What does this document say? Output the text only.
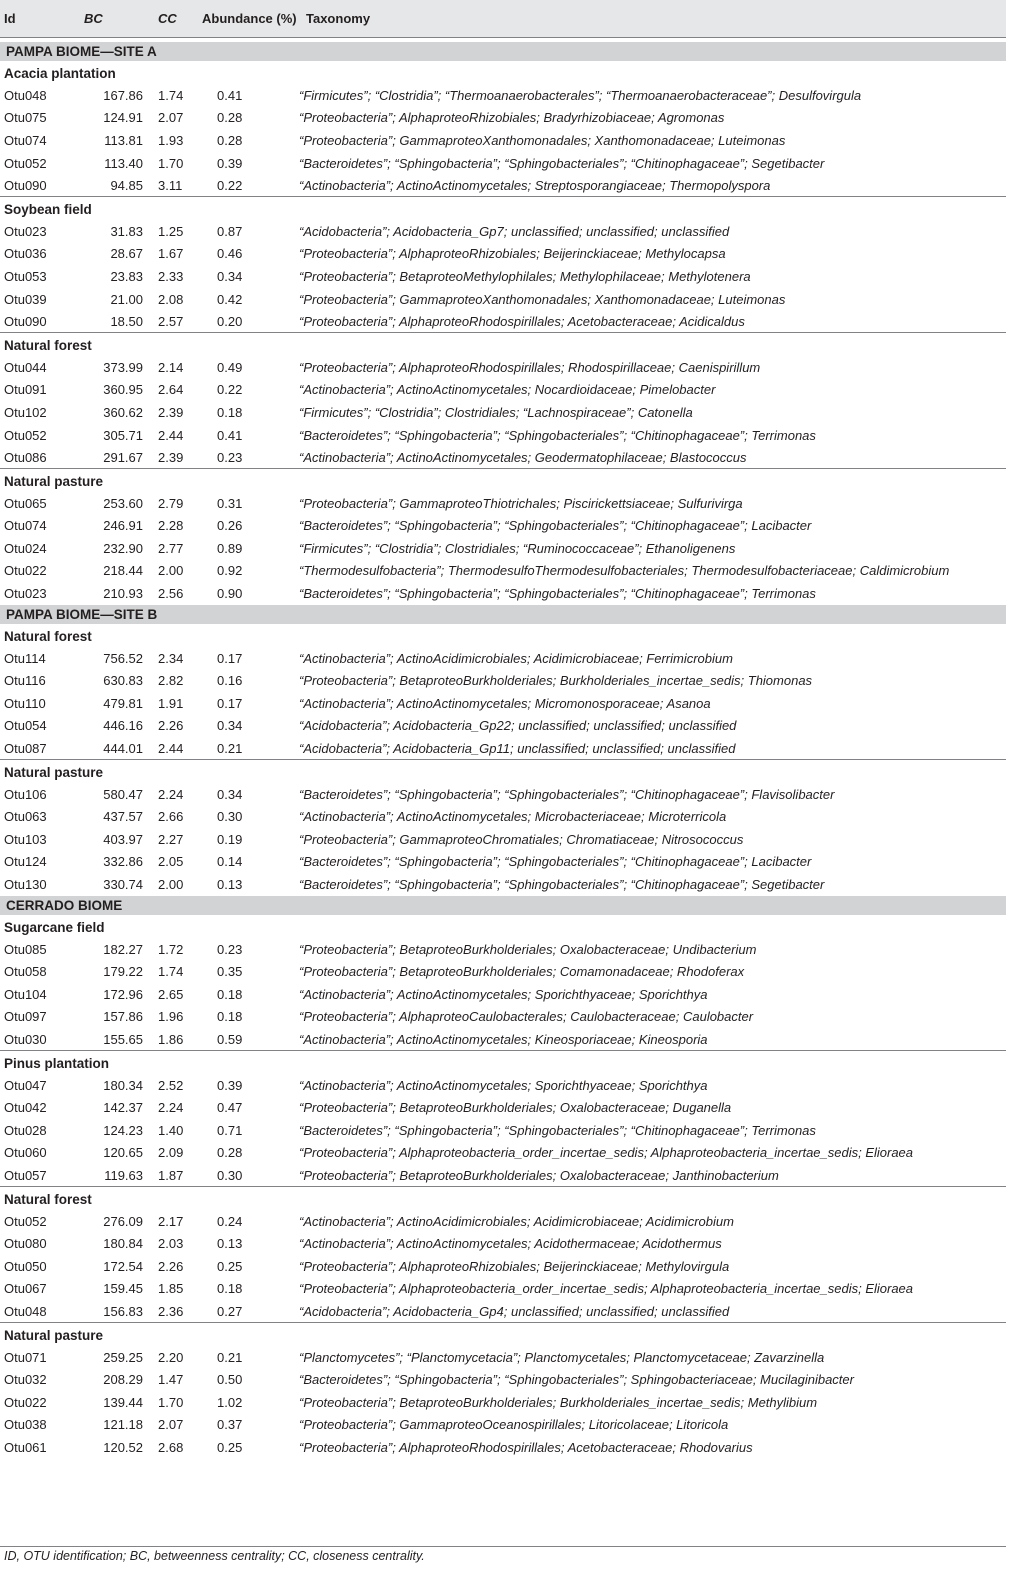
Id	BC	CC	Abundance (%)	Taxonomy

PAMPA BIOME—SITE A				
Acacia plantation				
Otu048	167.86	1.74	0.41	“Firmicutes”; “Clostridia”; “Thermoanaerobacterales”; “Thermoanaerobacteraceae”; Desulfovirgula
Otu075	124.91	2.07	0.28	“Proteobacteria”; AlphaproteoRhizobiales; Bradyrhizobiaceae; Agromonas
Otu074	113.81	1.93	0.28	“Proteobacteria”; GammaproteoXanthomonadales; Xanthomonadaceae; Luteimonas
Otu052	113.40	1.70	0.39	“Bacteroidetes”; “Sphingobacteria”; “Sphingobacteriales”; “Chitinophagaceae”; Segetibacter
Otu090	94.85	3.11	0.22	“Actinobacteria”; ActinoActinomycetales; Streptosporangiaceae; Thermopolyspora
Soybean field				
Otu023	31.83	1.25	0.87	“Acidobacteria”; Acidobacteria_Gp7; unclassified; unclassified; unclassified
Otu036	28.67	1.67	0.46	“Proteobacteria”; AlphaproteoRhizobiales; Beijerinckiaceae; Methylocapsa
Otu053	23.83	2.33	0.34	“Proteobacteria”; BetaproteoMethylophilales; Methylophilaceae; Methylotenera
Otu039	21.00	2.08	0.42	“Proteobacteria”; GammaproteoXanthomonadales; Xanthomonadaceae; Luteimonas
Otu090	18.50	2.57	0.20	“Proteobacteria”; AlphaproteoRhodospirillales; Acetobacteraceae; Acidicaldus
Natural forest				
Otu044	373.99	2.14	0.49	“Proteobacteria”; AlphaproteoRhodospirillales; Rhodospirillaceae; Caenispirillum
Otu091	360.95	2.64	0.22	“Actinobacteria”; ActinoActinomycetales; Nocardioidaceae; Pimelobacter
Otu102	360.62	2.39	0.18	“Firmicutes”; “Clostridia”; Clostridiales; “Lachnospiraceae”; Catonella
Otu052	305.71	2.44	0.41	“Bacteroidetes”; “Sphingobacteria”; “Sphingobacteriales”; “Chitinophagaceae”; Terrimonas
Otu086	291.67	2.39	0.23	“Actinobacteria”; ActinoActinomycetales; Geodermatophilaceae; Blastococcus
Natural pasture				
Otu065	253.60	2.79	0.31	“Proteobacteria”; GammaproteoThiotrichales; Piscirickettsiaceae; Sulfurivirga
Otu074	246.91	2.28	0.26	“Bacteroidetes”; “Sphingobacteria”; “Sphingobacteriales”; “Chitinophagaceae”; Lacibacter
Otu024	232.90	2.77	0.89	“Firmicutes”; “Clostridia”; Clostridiales; “Ruminococcaceae”; Ethanoligenens
Otu022	218.44	2.00	0.92	“Thermodesulfobacteria”; ThermodesulfoThermodesulfobacteriales; Thermodesulfobacteriaceae; Caldimicrobium
Otu023	210.93	2.56	0.90	“Bacteroidetes”; “Sphingobacteria”; “Sphingobacteriales”; “Chitinophagaceae”; Terrimonas
PAMPA BIOME—SITE B				
Natural forest				
Otu114	756.52	2.34	0.17	“Actinobacteria”; ActinoAcidimicrobiales; Acidimicrobiaceae; Ferrimicrobium
Otu116	630.83	2.82	0.16	“Proteobacteria”; BetaproteoBurkholderiales; Burkholderiales_incertae_sedis; Thiomonas
Otu110	479.81	1.91	0.17	“Actinobacteria”; ActinoActinomycetales; Micromonosporaceae; Asanoa
Otu054	446.16	2.26	0.34	“Acidobacteria”; Acidobacteria_Gp22; unclassified; unclassified; unclassified
Otu087	444.01	2.44	0.21	“Acidobacteria”; Acidobacteria_Gp11; unclassified; unclassified; unclassified
Natural pasture				
Otu106	580.47	2.24	0.34	“Bacteroidetes”; “Sphingobacteria”; “Sphingobacteriales”; “Chitinophagaceae”; Flavisolibacter
Otu063	437.57	2.66	0.30	“Actinobacteria”; ActinoActinomycetales; Microbacteriaceae; Microterricola
Otu103	403.97	2.27	0.19	“Proteobacteria”; GammaproteoChromatiales; Chromatiaceae; Nitrosococcus
Otu124	332.86	2.05	0.14	“Bacteroidetes”; “Sphingobacteria”; “Sphingobacteriales”; “Chitinophagaceae”; Lacibacter
Otu130	330.74	2.00	0.13	“Bacteroidetes”; “Sphingobacteria”; “Sphingobacteriales”; “Chitinophagaceae”; Segetibacter
CERRADO BIOME				
Sugarcane field				
Otu085	182.27	1.72	0.23	“Proteobacteria”; BetaproteoBurkholderiales; Oxalobacteraceae; Undibacterium
Otu058	179.22	1.74	0.35	“Proteobacteria”; BetaproteoBurkholderiales; Comamonadaceae; Rhodoferax
Otu104	172.96	2.65	0.18	“Actinobacteria”; ActinoActinomycetales; Sporichthyaceae; Sporichthya
Otu097	157.86	1.96	0.18	“Proteobacteria”; AlphaproteoCaulobacterales; Caulobacteraceae; Caulobacter
Otu030	155.65	1.86	0.59	“Actinobacteria”; ActinoActinomycetales; Kineosporiaceae; Kineosporia
Pinus plantation				
Otu047	180.34	2.52	0.39	“Actinobacteria”; ActinoActinomycetales; Sporichthyaceae; Sporichthya
Otu042	142.37	2.24	0.47	“Proteobacteria”; BetaproteoBurkholderiales; Oxalobacteraceae; Duganella
Otu028	124.23	1.40	0.71	“Bacteroidetes”; “Sphingobacteria”; “Sphingobacteriales”; “Chitinophagaceae”; Terrimonas
Otu060	120.65	2.09	0.28	“Proteobacteria”; Alphaproteobacteria_order_incertae_sedis; Alphaproteobacteria_incertae_sedis; Elioraea
Otu057	119.63	1.87	0.30	“Proteobacteria”; BetaproteoBurkholderiales; Oxalobacteraceae; Janthinobacterium
Natural forest				
Otu052	276.09	2.17	0.24	“Actinobacteria”; ActinoAcidimicrobiales; Acidimicrobiaceae; Acidimicrobium
Otu080	180.84	2.03	0.13	“Actinobacteria”; ActinoActinomycetales; Acidothermaceae; Acidothermus
Otu050	172.54	2.26	0.25	“Proteobacteria”; AlphaproteoRhizobiales; Beijerinckiaceae; Methylovirgula
Otu067	159.45	1.85	0.18	“Proteobacteria”; Alphaproteobacteria_order_incertae_sedis; Alphaproteobacteria_incertae_sedis; Elioraea
Otu048	156.83	2.36	0.27	“Acidobacteria”; Acidobacteria_Gp4; unclassified; unclassified; unclassified
Natural pasture				
Otu071	259.25	2.20	0.21	“Planctomycetes”; “Planctomycetacia”; Planctomycetales; Planctomycetaceae; Zavarzinella
Otu032	208.29	1.47	0.50	“Bacteroidetes”; “Sphingobacteria”; “Sphingobacteriales”; Sphingobacteriaceae; Mucilaginibacter
Otu022	139.44	1.70	1.02	“Proteobacteria”; BetaproteoBurkholderiales; Burkholderiales_incertae_sedis; Methylibium
Otu038	121.18	2.07	0.37	“Proteobacteria”; GammaproteoOceanospirillales; Litoricolaceae; Litoricola
Otu061	120.52	2.68	0.25	“Proteobacteria”; AlphaproteoRhodospirillales; Acetobacteraceae; Rhodovarius
ID, OTU identification; BC, betweenness centrality; CC, closeness centrality.
